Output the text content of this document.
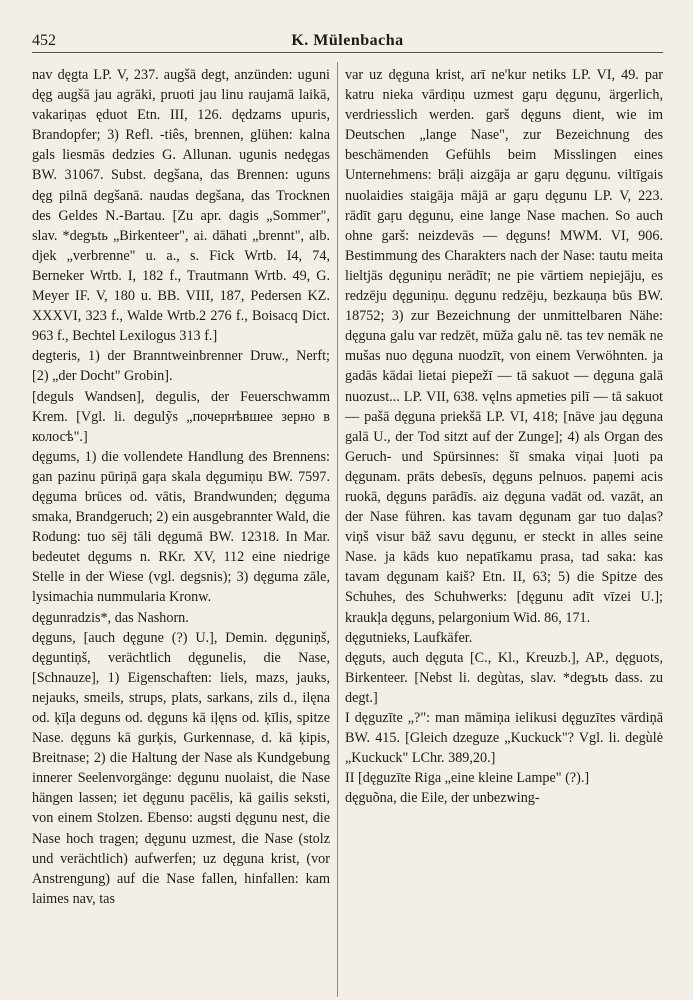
452	K. Mülenbacha

nav dęgta LP. V, 237. augšā degt, anzünden: uguni dęg augšā jau agrāki, pruoti jau linu raujamā laikā, vakariņas ęduot Etn. III, 126. dędzams upuris, Brandopfer; 3) Refl. -tiês, brennen, glühen: kalna gals liesmās dedzies G. Allunan. ugunis nedęgas BW. 31067. Subst. degšana, das Brennen: uguns dęg pilnā degšanā. naudas degšana, das Trocknen des Geldes N.-Bartau. [Zu apr. dagis „Sommer", slav. *degъtь „Birkenteer", ai. dāhati „brennt", alb. djek „verbrenne" u. a., s. Fick Wrtb. I4, 74, Berneker Wrtb. I, 182 f., Trautmann Wrtb. 49, G. Meyer IF. V, 180 u. BB. VIII, 187, Pedersen KZ. XXXVI, 323 f., Walde Wrtb.2 276 f., Boisacq Dict. 963 f., Bechtel Lexilogus 313 f.]

degteris, 1) der Branntweinbrenner Druw., Nerft; [2) „der Docht" Grobin].

[deguls Wandsen], degulis, der Feuerschwamm Krem. [Vgl. li. degulỹs „почернѣвшее зерно в колосѣ".]

dęgums, 1) die vollendete Handlung des Brennens: gan pazinu pūriņā gaŗa skala dęgumiņu BW. 7597. dęguma brūces od. vātis, Brandwunden; dęguma smaka, Brandgeruch; 2) ein ausgebrannter Wald, die Rodung: tuo sēj tāli dęgumā BW. 12318. In Mar. bedeutet dęgums n. RKr. XV, 112 eine niedrige Stelle in der Wiese (vgl. degsnis); 3) dęguma zāle, lysimachia nummularia Kronw.

dęgunradzis*, das Nashorn.

dęguns, [auch dęgune (?) U.], Demin. dęguniņš, dęguntiņš, verächtlich dęgunelis, die Nase, [Schnauze], 1) Eigenschaften: liels, mazs, jauks, nejauks, smeils, strups, plats, sarkans, zils d., ilęna od. ķīļa deguns od. dęguns kā iļęns od. ķīlis, spitze Nase. dęguns kā gurķis, Gurkennase, d. kā ķipis, Breitnase; 2) die Haltung der Nase als Kundgebung innerer Seelenvorgänge: dęgunu nuolaist, die Nase hängen lassen; iet dęgunu pacēlis, kā gailis seksti, von einem Stolzen. Ebenso: augsti dęgunu nest, die Nase hoch tragen; dęgunu uzmest, die Nase (stolz und verächtlich) aufwerfen; uz dęguna krist, (vor Anstrengung) auf die Nase fallen, hinfallen: kam laimes nav, tas

var uz dęguna krist, arī ne'kur netiks LP. VI, 49. par katru nieka vārdiņu uzmest gaŗu dęgunu, ärgerlich, verdriesslich werden. garš dęguns dient, wie im Deutschen „lange Nase", zur Bezeichnung des beschämenden Gefühls beim Misslingen eines Unternehmens: brāļi aizgāja ar gaŗu dęgunu. viltīgais nuolaidies staigāja mājā ar gaŗu dęgunu LP. V, 223. rādīt gaŗu dęgunu, eine lange Nase machen. So auch ohne garš: neizdevās — dęguns! MWM. VI, 906. Bestimmung des Charakters nach der Nase: tautu meita lieltjās dęguniņu nerādīt; ne pie vārtiem nepiejāju, es redzēju dęguniņu. dęgunu redzēju, bezkauņa būs BW. 18752; 3) zur Bezeichnung der unmittelbaren Nähe: dęguna galu var redzēt, mūža galu nē. tas tev nemāk ne mušas nuo dęguna nuodzīt, von einem Verwöhnten. ja gadās kādai lietai piepežī — tā sakuot — dęguna galā nuozust... LP. VII, 638. vęlns apmeties pilī — tā sakuot — pašā dęguna priekšā LP. VI, 418; [nāve jau dęguna galā U., der Tod sitzt auf der Zunge]; 4) als Organ des Geruch- und Spürsinnes: šī smaka viņai ļuoti pa dęgunam. prāts debesīs, dęguns pelnuos. paņemi acis ruokā, dęguns parādīs. aiz dęguna vadāt od. vazāt, an der Nase führen. kas tavam dęgunam gar tuo daļas? viņš visur bāž savu dęgunu, er steckt in alles seine Nase. ja kāds kuo nepatīkamu prasa, tad saka: kas tavam dęgunam kaiš? Etn. II, 63; 5) die Spitze des Schuhes, des Schuhwerks: [dęgunu adīt vīzei U.]; kraukļa dęguns, pelargonium Wid. 86, 171.

dęgutnieks, Laufkäfer.

dęguts, auch dęguta [C., Kl., Kreuzb.], AP., dęguots, Birkenteer. [Nebst li. degùtas, slav. *degъtь dass. zu degt.]

I dęguzīte „?": man māmiņa ielikusi dęguzītes vārdiņā BW. 415. [Gleich dzeguze „Kuckuck"? Vgl. li. degùlė „Kuckuck" LChr. 389,20.]

II [dęguzīte Riga „eine kleine Lampe" (?).]

dęguõna, die Eile, der unbezwing-
